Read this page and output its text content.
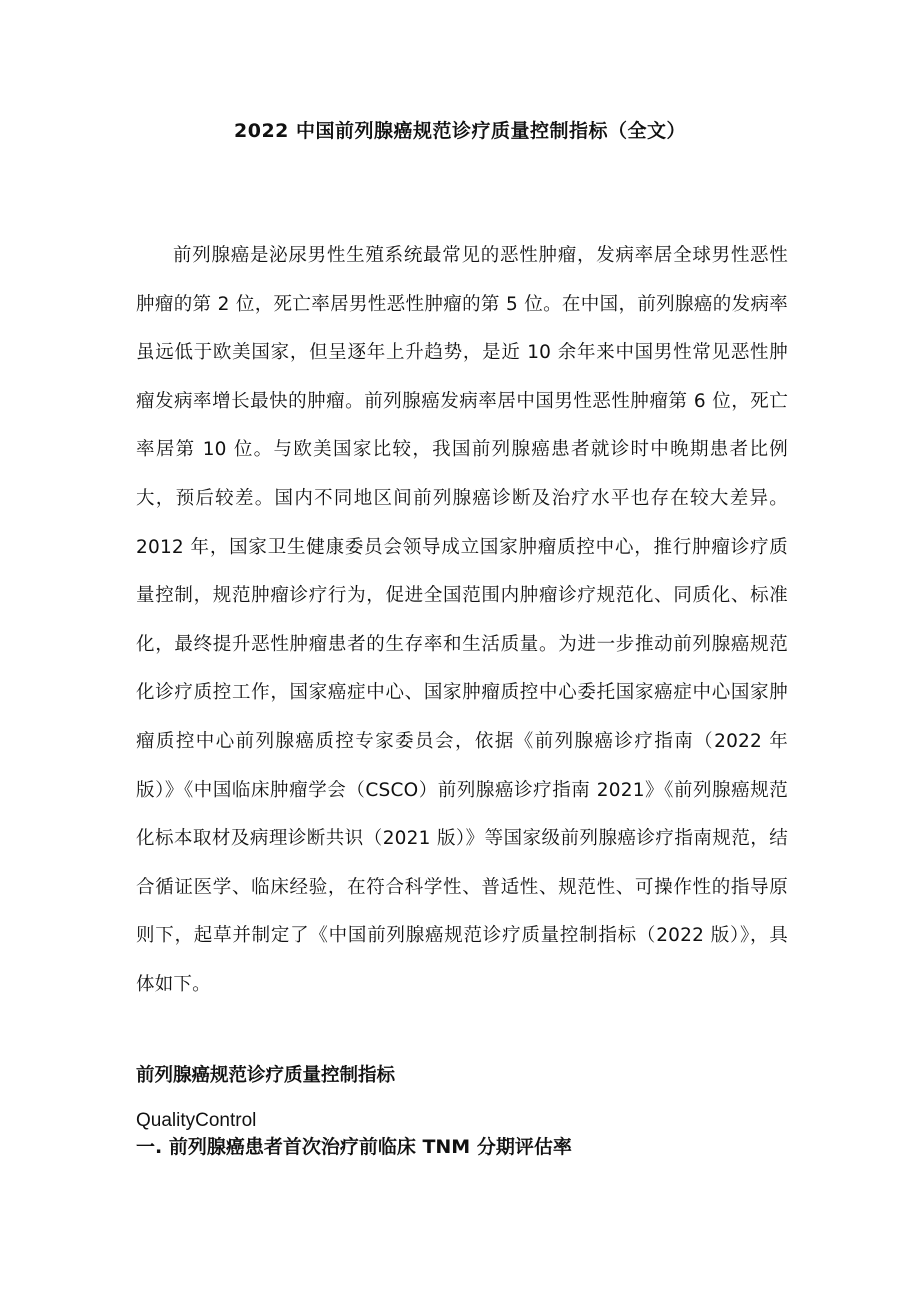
2022 中国前列腺癌规范诊疗质量控制指标（全文）

前列腺癌是泌尿男性生殖系统最常见的恶性肿瘤，发病率居全球男性恶性肿瘤的第 2 位，死亡率居男性恶性肿瘤的第 5 位。在中国，前列腺癌的发病率虽远低于欧美国家，但呈逐年上升趋势，是近 10 余年来中国男性常见恶性肿瘤发病率增长最快的肿瘤。前列腺癌发病率居中国男性恶性肿瘤第 6 位，死亡率居第 10 位。与欧美国家比较，我国前列腺癌患者就诊时中晚期患者比例大，预后较差。国内不同地区间前列腺癌诊断及治疗水平也存在较大差异。2012 年，国家卫生健康委员会领导成立国家肿瘤质控中心，推行肿瘤诊疗质量控制，规范肿瘤诊疗行为，促进全国范围内肿瘤诊疗规范化、同质化、标准化，最终提升恶性肿瘤患者的生存率和生活质量。为进一步推动前列腺癌规范化诊疗质控工作，国家癌症中心、国家肿瘤质控中心委托国家癌症中心国家肿瘤质控中心前列腺癌质控专家委员会，依据《前列腺癌诊疗指南（2022 年版）》《中国临床肿瘤学会（CSCO）前列腺癌诊疗指南 2021》《前列腺癌规范化标本取材及病理诊断共识（2021 版）》等国家级前列腺癌诊疗指南规范，结合循证医学、临床经验，在符合科学性、普适性、规范性、可操作性的指导原则下，起草并制定了《中国前列腺癌规范诊疗质量控制指标（2022 版）》，具体如下。

前列腺癌规范诊疗质量控制指标
QualityControl
一. 前列腺癌患者首次治疗前临床 TNM 分期评估率
